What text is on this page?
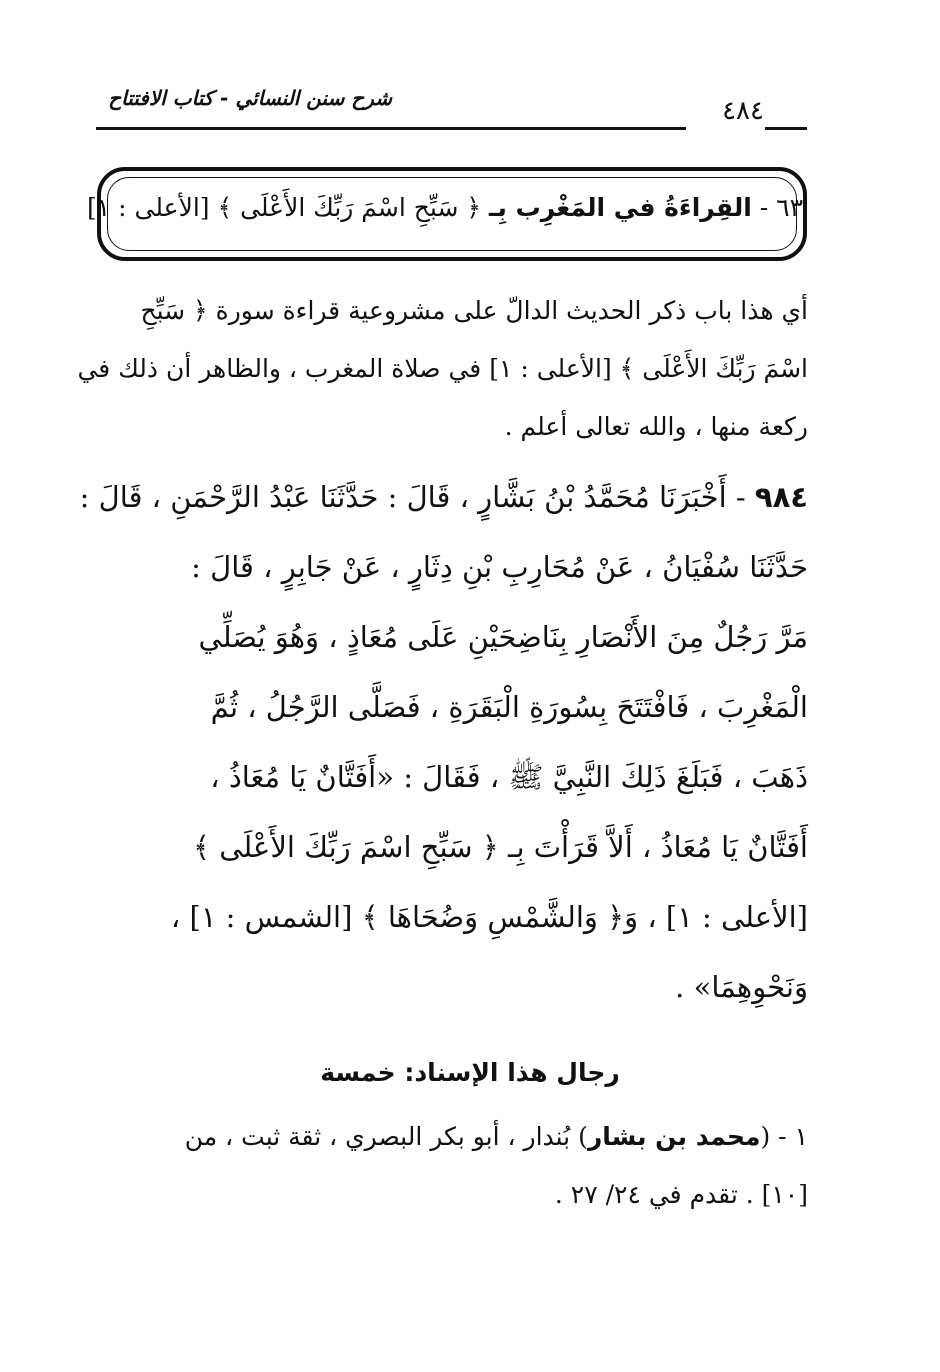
شرح سنن النسائي - كتاب الافتتاح	٤٨٤
٦٣ - القِراءَةُ في المَغْرِب بِـ ﴿ سَبِّحِ اسْمَ رَبِّكَ الأَعْلَى ﴾ [الأعلى : ١]
أي هذا باب ذكر الحديث الدالّ على مشروعية قراءة سورة ﴿ سَبِّحِ
اسْمَ رَبِّكَ الأَعْلَى ﴾ [الأعلى : ١] في صلاة المغرب ، والظاهر أن ذلك في
ركعة منها ، والله تعالى أعلم .
٩٨٤ - أَخْبَرَنَا مُحَمَّدُ بْنُ بَشَّارٍ ، قَالَ : حَدَّثَنَا عَبْدُ الرَّحْمَنِ ، قَالَ :
حَدَّثَنَا سُفْيَانُ ، عَنْ مُحَارِبِ بْنِ دِثَارٍ ، عَنْ جَابِرٍ ، قَالَ :
مَرَّ رَجُلٌ مِنَ الأَنْصَارِ بِنَاضِحَيْنِ عَلَى مُعَاذٍ ، وَهُوَ يُصَلِّي
الْمَغْرِبَ ، فَافْتَتَحَ بِسُورَةِ الْبَقَرَةِ ، فَصَلَّى الرَّجُلُ ، ثُمَّ
ذَهَبَ ، فَبَلَغَ ذَلِكَ النَّبِيَّ ﷺ ، فَقَالَ : «أَفَتَّانٌ يَا مُعَاذُ ،
أَفَتَّانٌ يَا مُعَاذُ ، أَلاَّ قَرَأْتَ بِـ ﴿ سَبِّحِ اسْمَ رَبِّكَ الأَعْلَى ﴾
[الأعلى : ١] ، وَ﴿ وَالشَّمْسِ وَضُحَاهَا ﴾ [الشمس : ١] ،
وَنَحْوِهِمَا» .
رجال هذا الإسناد: خمسة
١ - (محمد بن بشار) بُندار ، أبو بكر البصري ، ثقة ثبت ، من
[١٠] . تقدم في ٢٤/ ٢٧ .
